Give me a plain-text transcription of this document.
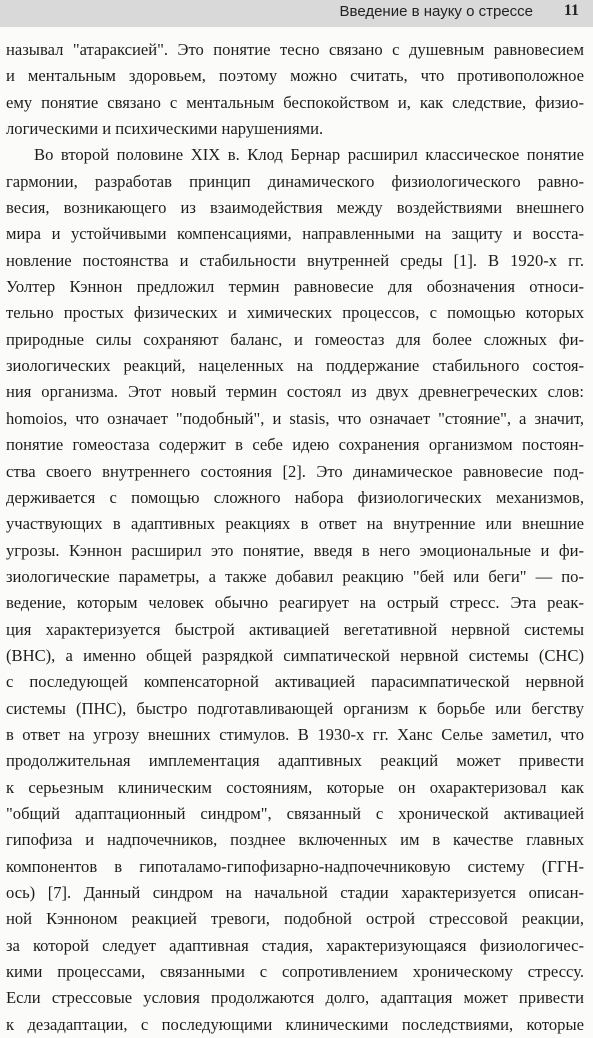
Введение в науку о стрессе 11
называл "атараксией". Это понятие тесно связано с душевным равновесием
и ментальным здоровьем, поэтому можно считать, что противоположное
ему понятие связано с ментальным беспокойством и, как следствие, физио-
логическими и психическими нарушениями.
Во второй половине XIX в. Клод Бернар расширил классическое понятие
гармонии, разработав принцип динамического физиологического равно-
весия, возникающего из взаимодействия между воздействиями внешнего
мира и устойчивыми компенсациями, направленными на защиту и восста-
новление постоянства и стабильности внутренней среды [1]. В 1920-х гг.
Уолтер Кэннон предложил термин равновесие для обозначения относи-
тельно простых физических и химических процессов, с помощью которых
природные силы сохраняют баланс, и гомеостаз для более сложных фи-
зиологических реакций, нацеленных на поддержание стабильного состоя-
ния организма. Этот новый термин состоял из двух древнегреческих слов:
homoios, что означает "подобный", и stasis, что означает "стояние", а значит,
понятие гомеостаза содержит в себе идею сохранения организмом постоян-
ства своего внутреннего состояния [2]. Это динамическое равновесие под-
держивается с помощью сложного набора физиологических механизмов,
участвующих в адаптивных реакциях в ответ на внутренние или внешние
угрозы. Кэннон расширил это понятие, введя в него эмоциональные и фи-
зиологические параметры, а также добавил реакцию "бей или беги" — по-
ведение, которым человек обычно реагирует на острый стресс. Эта реак-
ция характеризуется быстрой активацией вегетативной нервной системы
(ВНС), а именно общей разрядкой симпатической нервной системы (СНС)
с последующей компенсаторной активацией парасимпатической нервной
системы (ПНС), быстро подготавливающей организм к борьбе или бегству
в ответ на угрозу внешних стимулов. В 1930-х гг. Ханс Селье заметил, что
продолжительная имплементация адаптивных реакций может привести
к серьезным клиническим состояниям, которые он охарактеризовал как
"общий адаптационный синдром", связанный с хронической активацией
гипофиза и надпочечников, позднее включенных им в качестве главных
компонентов в гипоталамо-гипофизарно-надпочечниковую систему (ГГН-
ось) [7]. Данный синдром на начальной стадии характеризуется описан-
ной Кэнноном реакцией тревоги, подобной острой стрессовой реакции,
за которой следует адаптивная стадия, характеризующаяся физиологичес-
кими процессами, связанными с сопротивлением хроническому стрессу.
Если стрессовые условия продолжаются долго, адаптация может привести
к дезадаптации, с последующими клиническими последствиями, которые
